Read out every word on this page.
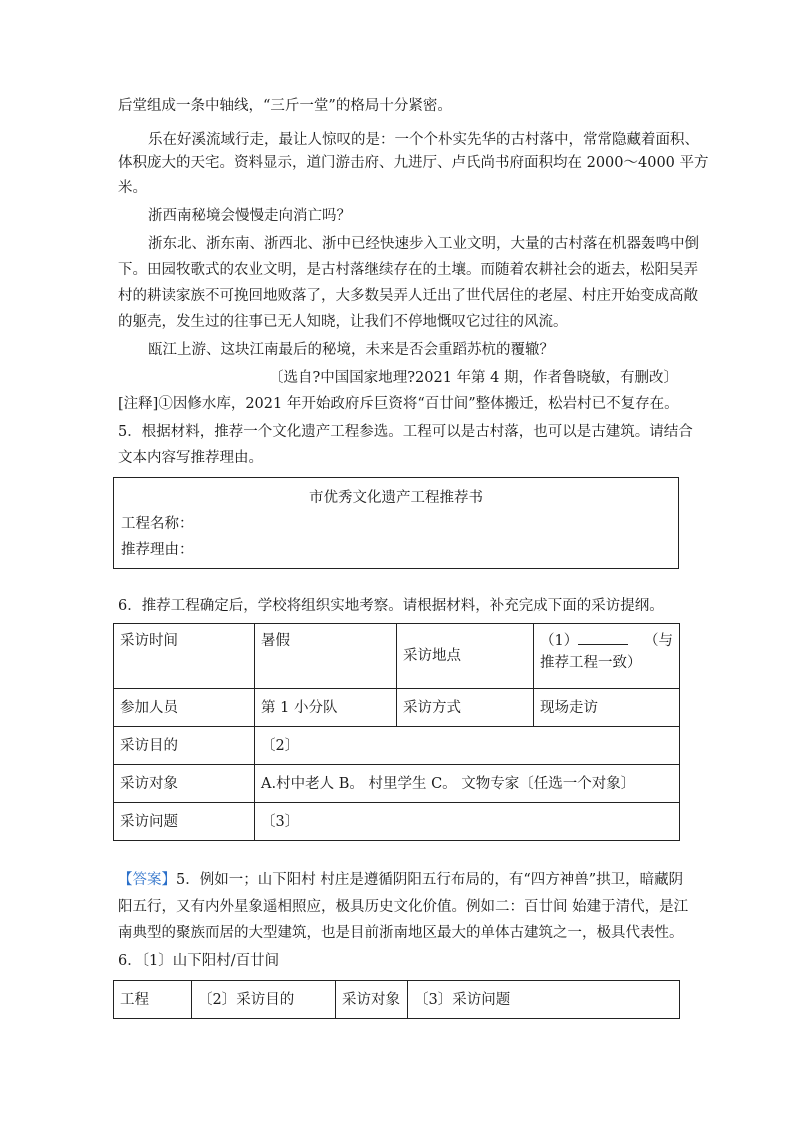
后堂组成一条中轴线，“三斤一堂”的格局十分紧密。
乐在好溪流域行走，最让人惊叹的是：一个个朴实先华的古村落中，常常隐藏着面积、
体积庞大的天宅。资料显示，道门游击府、九进厅、卢氏尚书府面积均在 2000～4000 平方
米。
浙西南秘境会慢慢走向消亡吗？
浙东北、浙东南、浙西北、浙中已经快速步入工业文明，大量的古村落在机器轰鸣中倒
下。田园牧歌式的农业文明，是古村落继续存在的土壤。而随着农耕社会的逝去，松阳吴弄
村的耕读家族不可挽回地败落了，大多数吴弄人迁出了世代居住的老屋、村庄开始变成高敞
的躯壳，发生过的往事已无人知晓，让我们不停地慨叹它过往的风流。
瓯江上游、这块江南最后的秘境，未来是否会重蹈苏杭的覆辙？
〔选自?中国国家地理?2021 年第 4 期，作者鲁晓敏，有删改〕
[注释]①因修水库，2021 年开始政府斥巨资将“百廿间”整体搬迁，松岩村已不复存在。
5．根据材料，推荐一个文化遗产工程参选。工程可以是古村落，也可以是古建筑。请结合
文本内容写推荐理由。
市优秀文化遗产工程推荐书
工程名称：
推荐理由：
6．推荐工程确定后，学校将组织实地考察。请根据材料，补充完成下面的采访提纲。
采访时间	暑假	采访地点	（1） （与
推荐工程一致）

参加人员	第 1 小分队	采访方式	现场走访
采访目的	〔2〕		
采访对象	A.村中老人 B。 村里学生 C。 文物专家〔任选一个对象〕		
采访问题	〔3〕		
【答案】5．例如一；山下阳村 村庄是遵循阴阳五行布局的，有“四方神兽”拱卫，暗藏阴
阳五行，又有内外星象遥相照应，极具历史文化价值。例如二：百廿间 始建于清代，是江
南典型的聚族而居的大型建筑，也是目前浙南地区最大的单体古建筑之一，极具代表性。
6．〔1〕山下阳村/百廿间
工程	〔2〕采访目的	采访对象	〔3〕采访问题
